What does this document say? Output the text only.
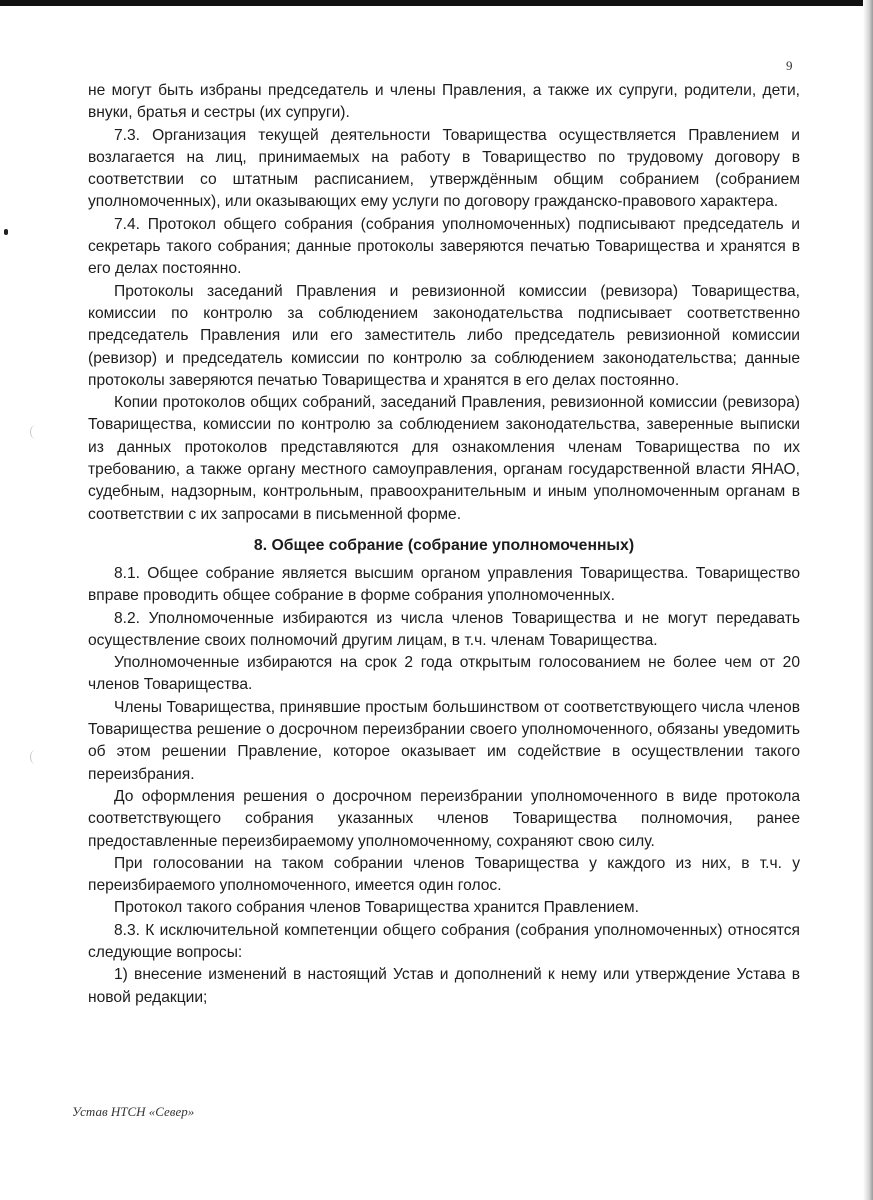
9

не могут быть избраны председатель и члены Правления, а также их супруги, родители, дети, внуки, братья и сестры (их супруги).

7.3. Организация текущей деятельности Товарищества осуществляется Правлением и возлагается на лиц, принимаемых на работу в Товарищество по трудовому договору в соответствии со штатным расписанием, утверждённым общим собранием (собранием уполномоченных), или оказывающих ему услуги по договору гражданско-правового характера.

7.4. Протокол общего собрания (собрания уполномоченных) подписывают председатель и секретарь такого собрания; данные протоколы заверяются печатью Товарищества и хранятся в его делах постоянно.

Протоколы заседаний Правления и ревизионной комиссии (ревизора) Товарищества, комиссии по контролю за соблюдением законодательства подписывает соответственно председатель Правления или его заместитель либо председатель ревизионной комиссии (ревизор) и председатель комиссии по контролю за соблюдением законодательства; данные протоколы заверяются печатью Товарищества и хранятся в его делах постоянно.

Копии протоколов общих собраний, заседаний Правления, ревизионной комиссии (ревизора) Товарищества, комиссии по контролю за соблюдением законодательства, заверенные выписки из данных протоколов представляются для ознакомления членам Товарищества по их требованию, а также органу местного самоуправления, органам государственной власти ЯНАО, судебным, надзорным, контрольным, правоохранительным и иным уполномоченным органам в соответствии с их запросами в письменной форме.

8. Общее собрание (собрание уполномоченных)

8.1. Общее собрание является высшим органом управления Товарищества. Товарищество вправе проводить общее собрание в форме собрания уполномоченных.

8.2. Уполномоченные избираются из числа членов Товарищества и не могут передавать осуществление своих полномочий другим лицам, в т.ч. членам Товарищества.

Уполномоченные избираются на срок 2 года открытым голосованием не более чем от 20 членов Товарищества.

Члены Товарищества, принявшие простым большинством от соответствующего числа членов Товарищества решение о досрочном переизбрании своего уполномоченного, обязаны уведомить об этом решении Правление, которое оказывает им содействие в осуществлении такого переизбрания.

До оформления решения о досрочном переизбрании уполномоченного в виде протокола соответствующего собрания указанных членов Товарищества полномочия, ранее предоставленные переизбираемому уполномоченному, сохраняют свою силу.

При голосовании на таком собрании членов Товарищества у каждого из них, в т.ч. у переизбираемого уполномоченного, имеется один голос.

Протокол такого собрания членов Товарищества хранится Правлением.

8.3. К исключительной компетенции общего собрания (собрания уполномоченных) относятся следующие вопросы:

1) внесение изменений в настоящий Устав и дополнений к нему или утверждение Устава в новой редакции;

Устав НТСН «Север»
